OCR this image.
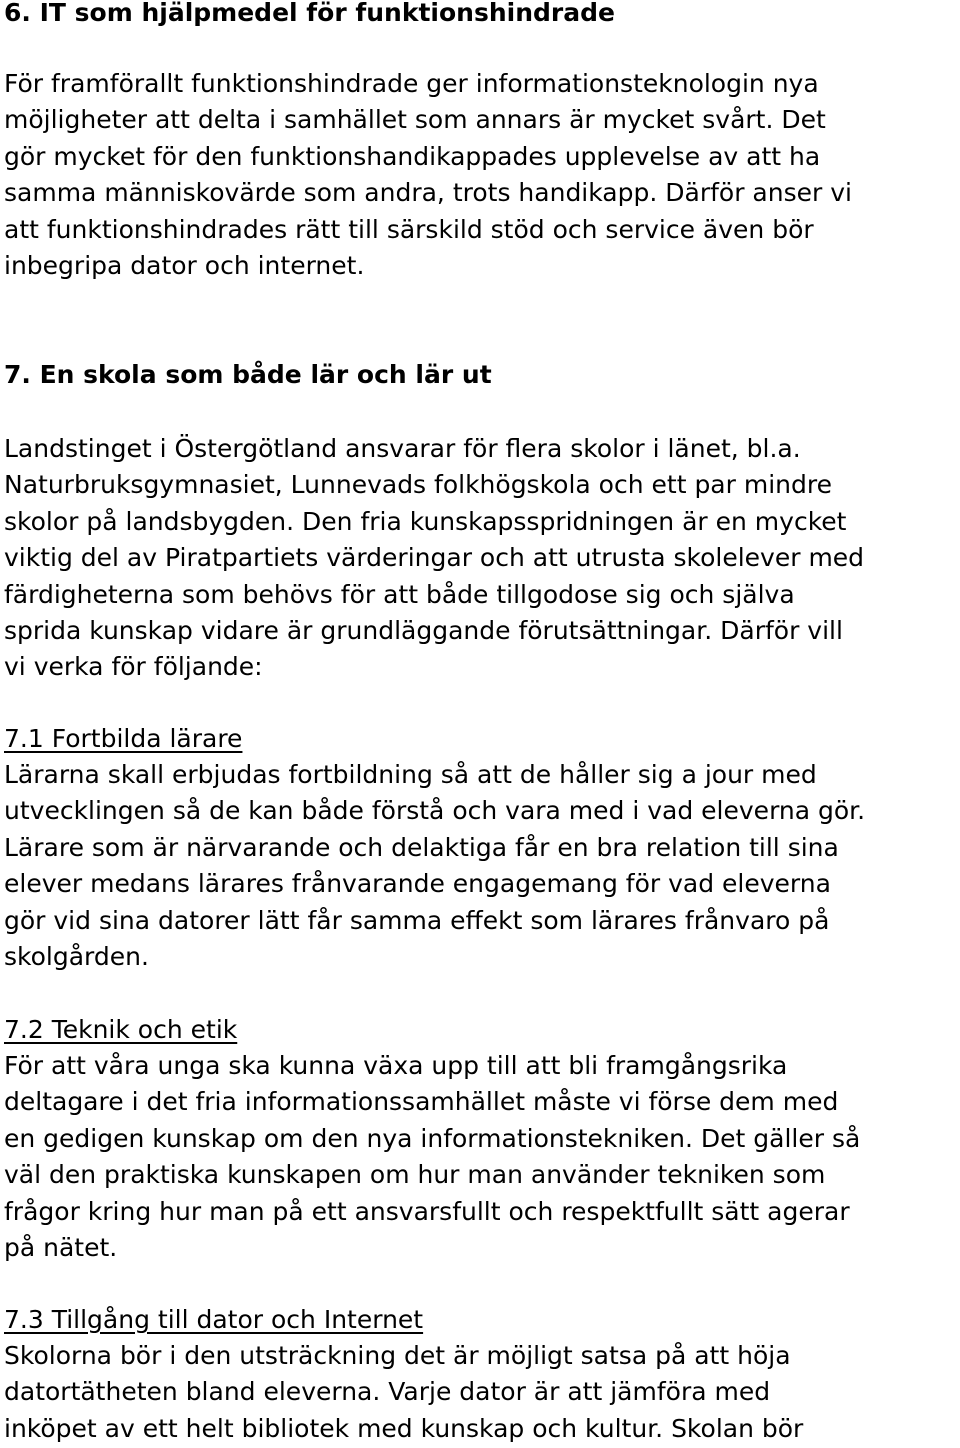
6. IT som hjälpmedel för funktionshindrade

För framförallt funktionshindrade ger informationsteknologin nya
möjligheter att delta i samhället som annars är mycket svårt. Det
gör mycket för den funktionshandikappades upplevelse av att ha
samma människovärde som andra, trots handikapp. Därför anser vi
att funktionshindrades rätt till särskild stöd och service även bör
inbegripa dator och internet.

7. En skola som både lär och lär ut

Landstinget i Östergötland ansvarar för flera skolor i länet, bl.a.
Naturbruksgymnasiet, Lunnevads folkhögskola och ett par mindre
skolor på landsbygden. Den fria kunskapsspridningen är en mycket
viktig del av Piratpartiets värderingar och att utrusta skolelever med
färdigheterna som behövs för att både tillgodose sig och själva
sprida kunskap vidare är grundläggande förutsättningar. Därför vill
vi verka för följande:

7.1 Fortbilda lärare

Lärarna skall erbjudas fortbildning så att de håller sig a jour med
utvecklingen så de kan både förstå och vara med i vad eleverna gör.
Lärare som är närvarande och delaktiga får en bra relation till sina
elever medans lärares frånvarande engagemang för vad eleverna
gör vid sina datorer lätt får samma effekt som lärares frånvaro på
skolgården.

7.2 Teknik och etik

För att våra unga ska kunna växa upp till att bli framgångsrika
deltagare i det fria informationssamhället måste vi förse dem med
en gedigen kunskap om den nya informationstekniken. Det gäller så
väl den praktiska kunskapen om hur man använder tekniken som
frågor kring hur man på ett ansvarsfullt och respektfullt sätt agerar
på nätet.

7.3 Tillgång till dator och Internet

Skolorna bör i den utsträckning det är möjligt satsa på att höja
datortätheten bland eleverna. Varje dator är att jämföra med
inköpet av ett helt bibliotek med kunskap och kultur. Skolan bör
